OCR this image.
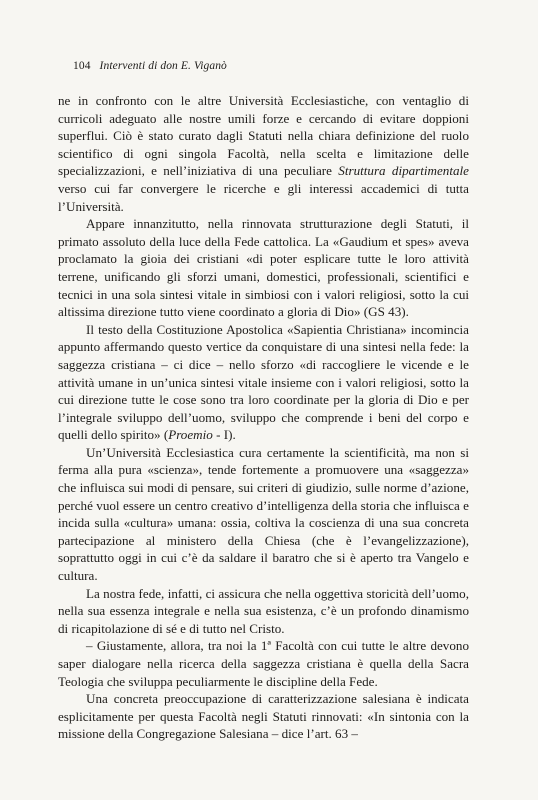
104 Interventi di don E. Viganò

ne in confronto con le altre Università Ecclesiastiche, con ventaglio di curricoli adeguato alle nostre umili forze e cercando di evitare doppioni superflui. Ciò è stato curato dagli Statuti nella chiara definizione del ruolo scientifico di ogni singola Facoltà, nella scelta e limitazione delle specializzazioni, e nell’iniziativa di una peculiare Struttura dipartimentale verso cui far convergere le ricerche e gli interessi accademici di tutta l’Università.

Appare innanzitutto, nella rinnovata strutturazione degli Statuti, il primato assoluto della luce della Fede cattolica. La «Gaudium et spes» aveva proclamato la gioia dei cristiani «di poter esplicare tutte le loro attività terrene, unificando gli sforzi umani, domestici, professionali, scientifici e tecnici in una sola sintesi vitale in simbiosi con i valori religiosi, sotto la cui altissima direzione tutto viene coordinato a gloria di Dio» (GS 43).

Il testo della Costituzione Apostolica «Sapientia Christiana» incomincia appunto affermando questo vertice da conquistare di una sintesi nella fede: la saggezza cristiana – ci dice – nello sforzo «di raccogliere le vicende e le attività umane in un’unica sintesi vitale insieme con i valori religiosi, sotto la cui direzione tutte le cose sono tra loro coordinate per la gloria di Dio e per l’integrale sviluppo dell’uomo, sviluppo che comprende i beni del corpo e quelli dello spirito» (Proemio - I).

Un’Università Ecclesiastica cura certamente la scientificità, ma non si ferma alla pura «scienza», tende fortemente a promuovere una «saggezza» che influisca sui modi di pensare, sui criteri di giudizio, sulle norme d’azione, perché vuol essere un centro creativo d’intelligenza della storia che influisca e incida sulla «cultura» umana: ossia, coltiva la coscienza di una sua concreta partecipazione al ministero della Chiesa (che è l’evangelizzazione), soprattutto oggi in cui c’è da saldare il baratro che si è aperto tra Vangelo e cultura.

La nostra fede, infatti, ci assicura che nella oggettiva storicità dell’uomo, nella sua essenza integrale e nella sua esistenza, c’è un profondo dinamismo di ricapitolazione di sé e di tutto nel Cristo.

– Giustamente, allora, tra noi la 1ª Facoltà con cui tutte le altre devono saper dialogare nella ricerca della saggezza cristiana è quella della Sacra Teologia che sviluppa peculiarmente le discipline della Fede.

Una concreta preoccupazione di caratterizzazione salesiana è indicata esplicitamente per questa Facoltà negli Statuti rinnovati: «In sintonia con la missione della Congregazione Salesiana – dice l’art. 63 –
